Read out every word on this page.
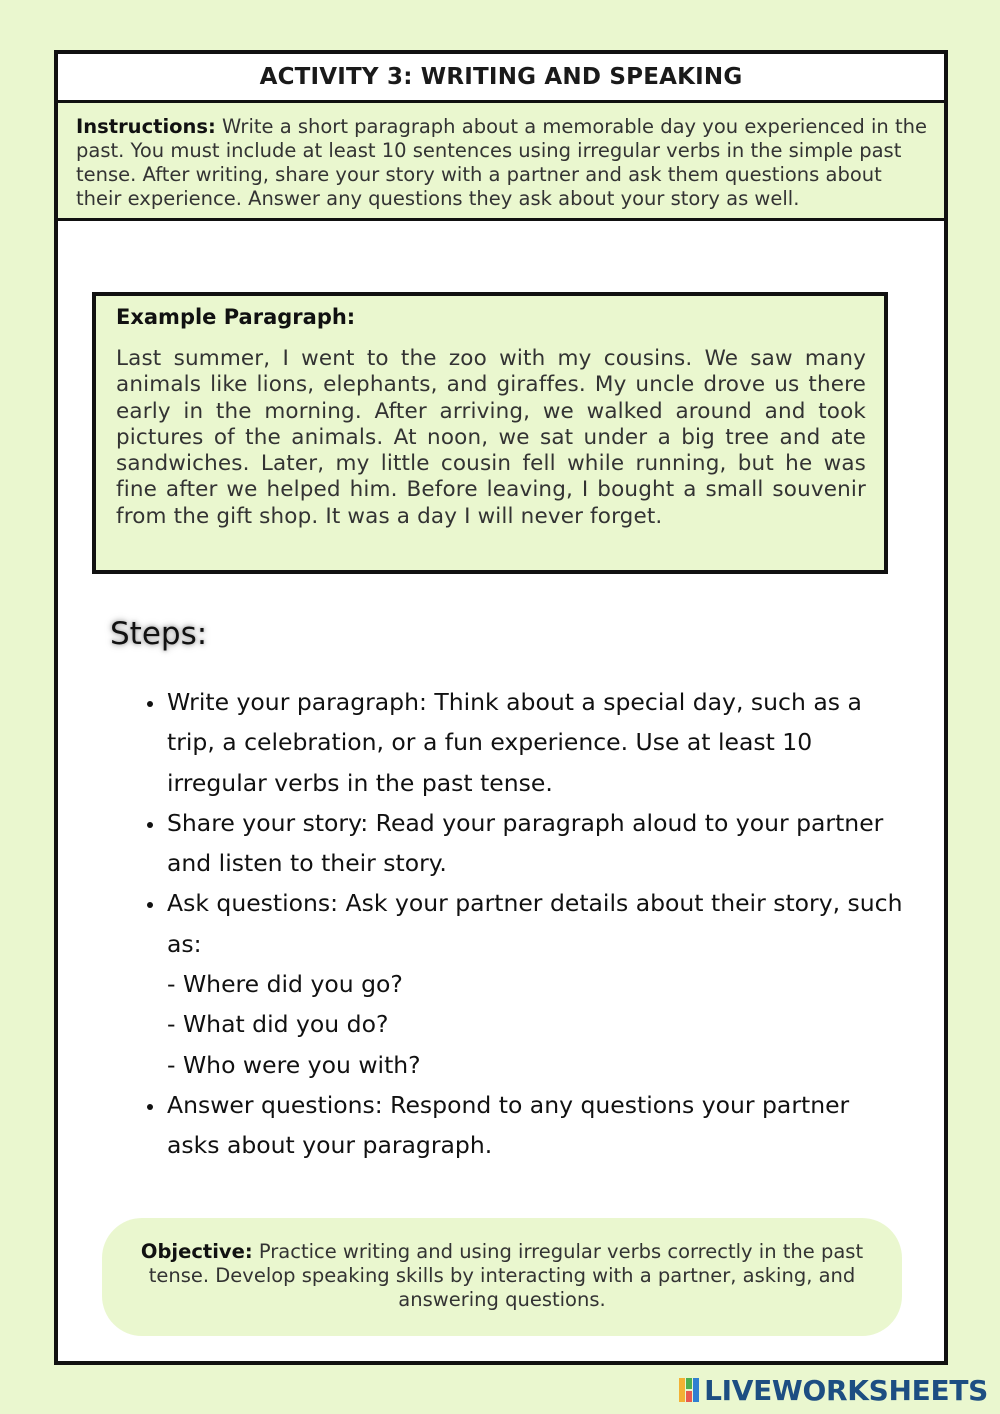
ACTIVITY 3: WRITING AND SPEAKING
Instructions: Write a short paragraph about a memorable day you experienced in the past. You must include at least 10 sentences using irregular verbs in the simple past tense. After writing, share your story with a partner and ask them questions about their experience. Answer any questions they ask about your story as well.
Example Paragraph:
Last summer, I went to the zoo with my cousins. We saw many animals like lions, elephants, and giraffes. My uncle drove us there early in the morning. After arriving, we walked around and took pictures of the animals. At noon, we sat under a big tree and ate sandwiches. Later, my little cousin fell while running, but he was fine after we helped him. Before leaving, I bought a small souvenir from the gift shop. It was a day I will never forget.
Steps:
• Write your paragraph: Think about a special day, such as a trip, a celebration, or a fun experience. Use at least 10 irregular verbs in the past tense.
• Share your story: Read your paragraph aloud to your partner and listen to their story.
• Ask questions: Ask your partner details about their story, such as:
- Where did you go?
- What did you do?
- Who were you with?
• Answer questions: Respond to any questions your partner asks about your paragraph.
Objective: Practice writing and using irregular verbs correctly in the past tense. Develop speaking skills by interacting with a partner, asking, and answering questions.
LIVEWORKSHEETS
